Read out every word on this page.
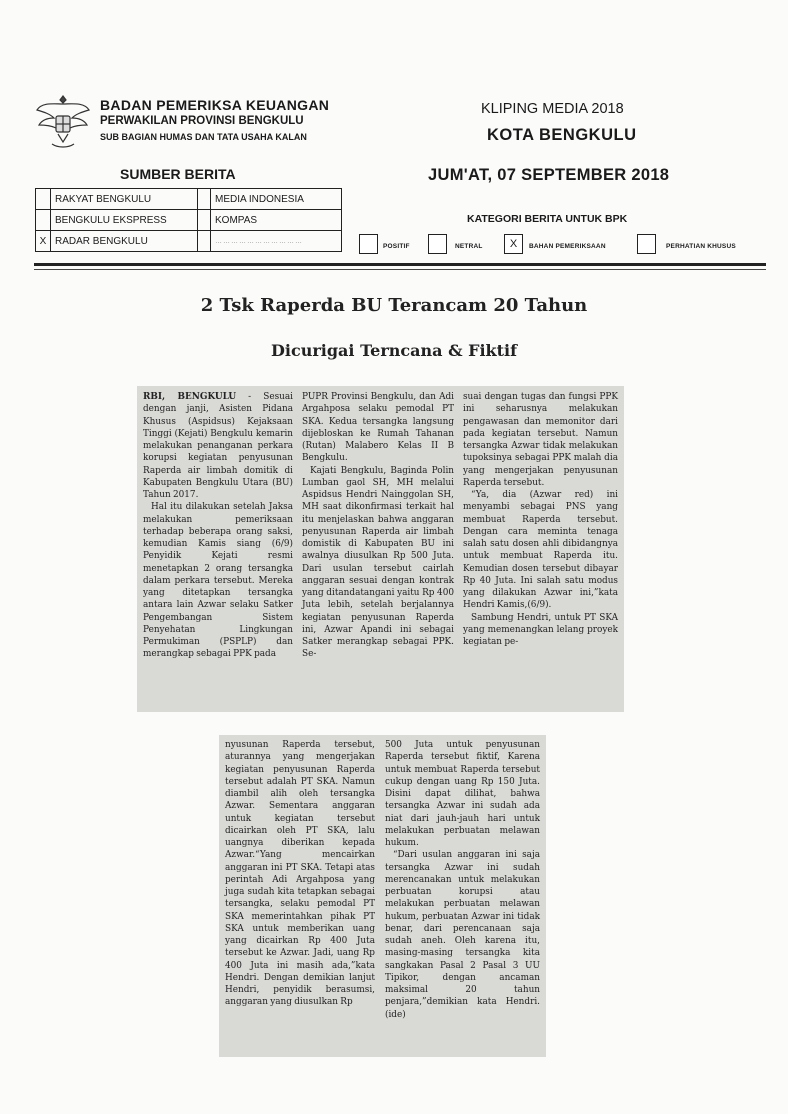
BADAN PEMERIKSA KEUANGAN
PERWAKILAN PROVINSI BENGKULU
SUB BAGIAN HUMAS DAN TATA USAHA KALAN
KLIPING MEDIA 2018
KOTA BENGKULU
SUMBER BERITA	JUM'AT, 07 SEPTEMBER 2018
	RAKYAT BENGKULU		MEDIA INDONESIA
	BENGKULU EKSPRESS		KOMPAS
X	RADAR BENGKULU		……………………………
KATEGORI BERITA UNTUK BPK
POSITIF	NETRAL	X	BAHAN PEMERIKSAAN	PERHATIAN KHUSUS
2 Tsk Raperda BU Terancam 20 Tahun
Dicurigai Terncana & Fiktif

RBI, BENGKULU - Sesuai dengan janji, Asisten Pidana Khusus (Aspidsus) Kejaksaan Tinggi (Kejati) Bengkulu kemarin melakukan penanganan perkara korupsi kegiatan penyusunan Raperda air limbah domitik di Kabupaten Bengkulu Utara (BU) Tahun 2017.

Hal itu dilakukan setelah Jaksa melakukan pemeriksaan terhadap beberapa orang saksi, kemudian Kamis siang (6/9) Penyidik Kejati resmi menetapkan 2 orang tersangka dalam perkara tersebut. Mereka yang ditetapkan tersangka antara lain Azwar selaku Satker Pengembangan Sistem Penyehatan Lingkungan Permukiman (PSPLP) dan merangkap sebagai PPK pada

PUPR Provinsi Bengkulu, dan Adi Argahposa selaku pemodal PT SKA. Kedua tersangka langsung dijebloskan ke Rumah Tahanan (Rutan) Malabero Kelas II B Bengkulu.

Kajati Bengkulu, Baginda Polin Lumban gaol SH, MH melalui Aspidsus Hendri Nainggolan SH, MH saat dikonfirmasi terkait hal itu menjelaskan bahwa anggaran penyusunan Raperda air limbah domistik di Kabupaten BU ini awalnya diusulkan Rp 500 Juta. Dari usulan tersebut cairlah anggaran sesuai dengan kontrak yang ditandatangani yaitu Rp 400 Juta lebih, setelah berjalannya kegiatan penyusunan Raperda ini, Azwar Apandi ini sebagai Satker merangkap sebagai PPK. Se-

suai dengan tugas dan fungsi PPK ini seharusnya melakukan pengawasan dan memonitor dari pada kegiatan tersebut. Namun tersangka Azwar tidak melakukan tupoksinya sebagai PPK malah dia yang mengerjakan penyusunan Raperda tersebut.

“Ya, dia (Azwar red) ini menyambi sebagai PNS yang membuat Raperda tersebut. Dengan cara meminta tenaga salah satu dosen ahli dibidangnya untuk membuat Raperda itu. Kemudian dosen tersebut dibayar Rp 40 Juta. Ini salah satu modus yang dilakukan Azwar ini,”kata Hendri Kamis,(6/9).

Sambung Hendri, untuk PT SKA yang memenangkan lelang proyek kegiatan pe-

nyusunan Raperda tersebut, aturannya yang mengerjakan kegiatan penyusunan Raperda tersebut adalah PT SKA. Namun diambil alih oleh tersangka Azwar. Sementara anggaran untuk kegiatan tersebut dicairkan oleh PT SKA, lalu uangnya diberikan kepada Azwar.“Yang mencairkan anggaran ini PT SKA. Tetapi atas perintah Adi Argahposa yang juga sudah kita tetapkan sebagai tersangka, selaku pemodal PT SKA memerintahkan pihak PT SKA untuk memberikan uang yang dicairkan Rp 400 Juta tersebut ke Azwar. Jadi, uang Rp 400 Juta ini masih ada,”kata Hendri. Dengan demikian lanjut Hendri, penyidik berasumsi, anggaran yang diusulkan Rp

500 Juta untuk penyusunan Raperda tersebut fiktif, Karena untuk membuat Raperda tersebut cukup dengan uang Rp 150 Juta. Disini dapat dilihat, bahwa tersangka Azwar ini sudah ada niat dari jauh-jauh hari untuk melakukan perbuatan melawan hukum.

“Dari usulan anggaran ini saja tersangka Azwar ini sudah merencanakan untuk melakukan perbuatan korupsi atau melakukan perbuatan melawan hukum, perbuatan Azwar ini tidak benar, dari perencanaan saja sudah aneh. Oleh karena itu, masing-masing tersangka kita sangkakan Pasal 2 Pasal 3 UU Tipikor, dengan ancaman maksimal 20 tahun penjara,”demikian kata Hendri.(ide)
